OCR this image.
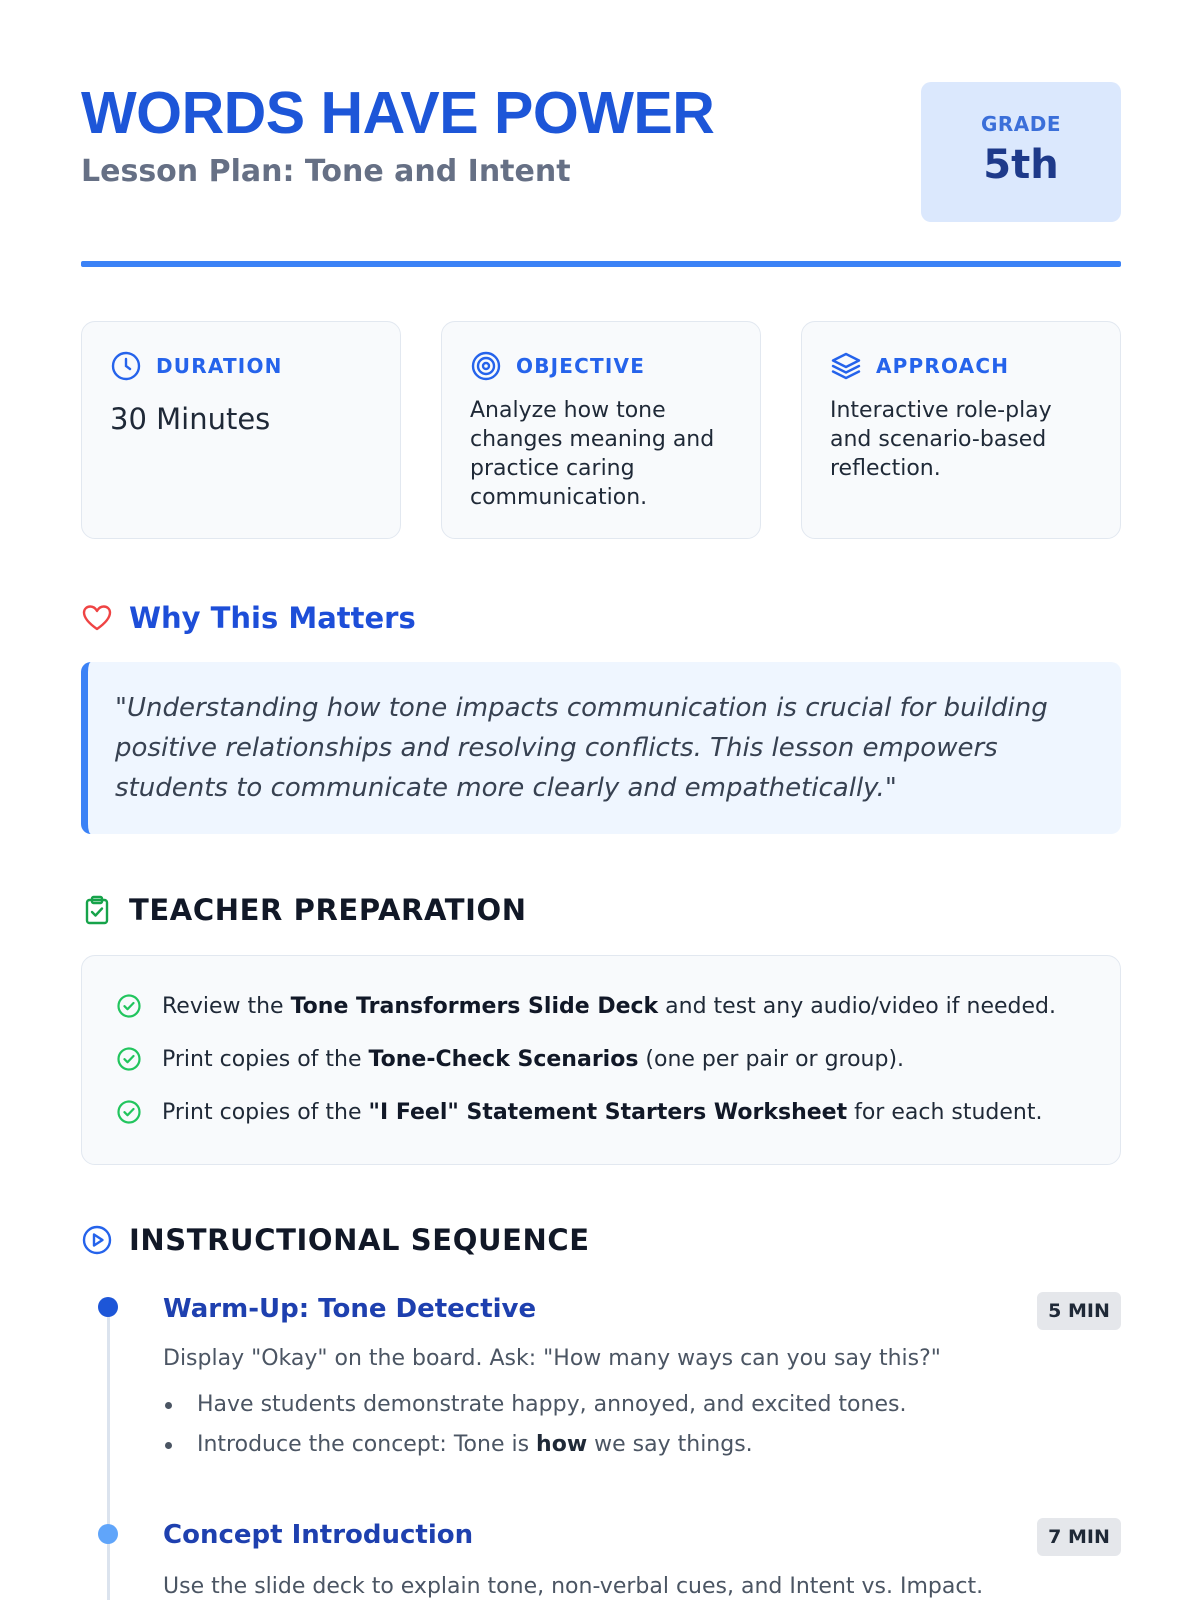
WORDS HAVE POWER
Lesson Plan: Tone and Intent
GRADE
5th
DURATION
30 Minutes
OBJECTIVE
Analyze how tone changes meaning and practice caring communication.
APPROACH
Interactive role-play and scenario-based reflection.
Why This Matters
"Understanding how tone impacts communication is crucial for building positive relationships and resolving conflicts. This lesson empowers students to communicate more clearly and empathetically."
TEACHER PREPARATION
Review the Tone Transformers Slide Deck and test any audio/video if needed.
Print copies of the Tone-Check Scenarios (one per pair or group).
Print copies of the "I Feel" Statement Starters Worksheet for each student.
INSTRUCTIONAL SEQUENCE
Warm-Up: Tone Detective	5 MIN
Display "Okay" on the board. Ask: "How many ways can you say this?"
Have students demonstrate happy, annoyed, and excited tones.
Introduce the concept: Tone is how we say things.
Concept Introduction	7 MIN
Use the slide deck to explain tone, non-verbal cues, and Intent vs. Impact.
